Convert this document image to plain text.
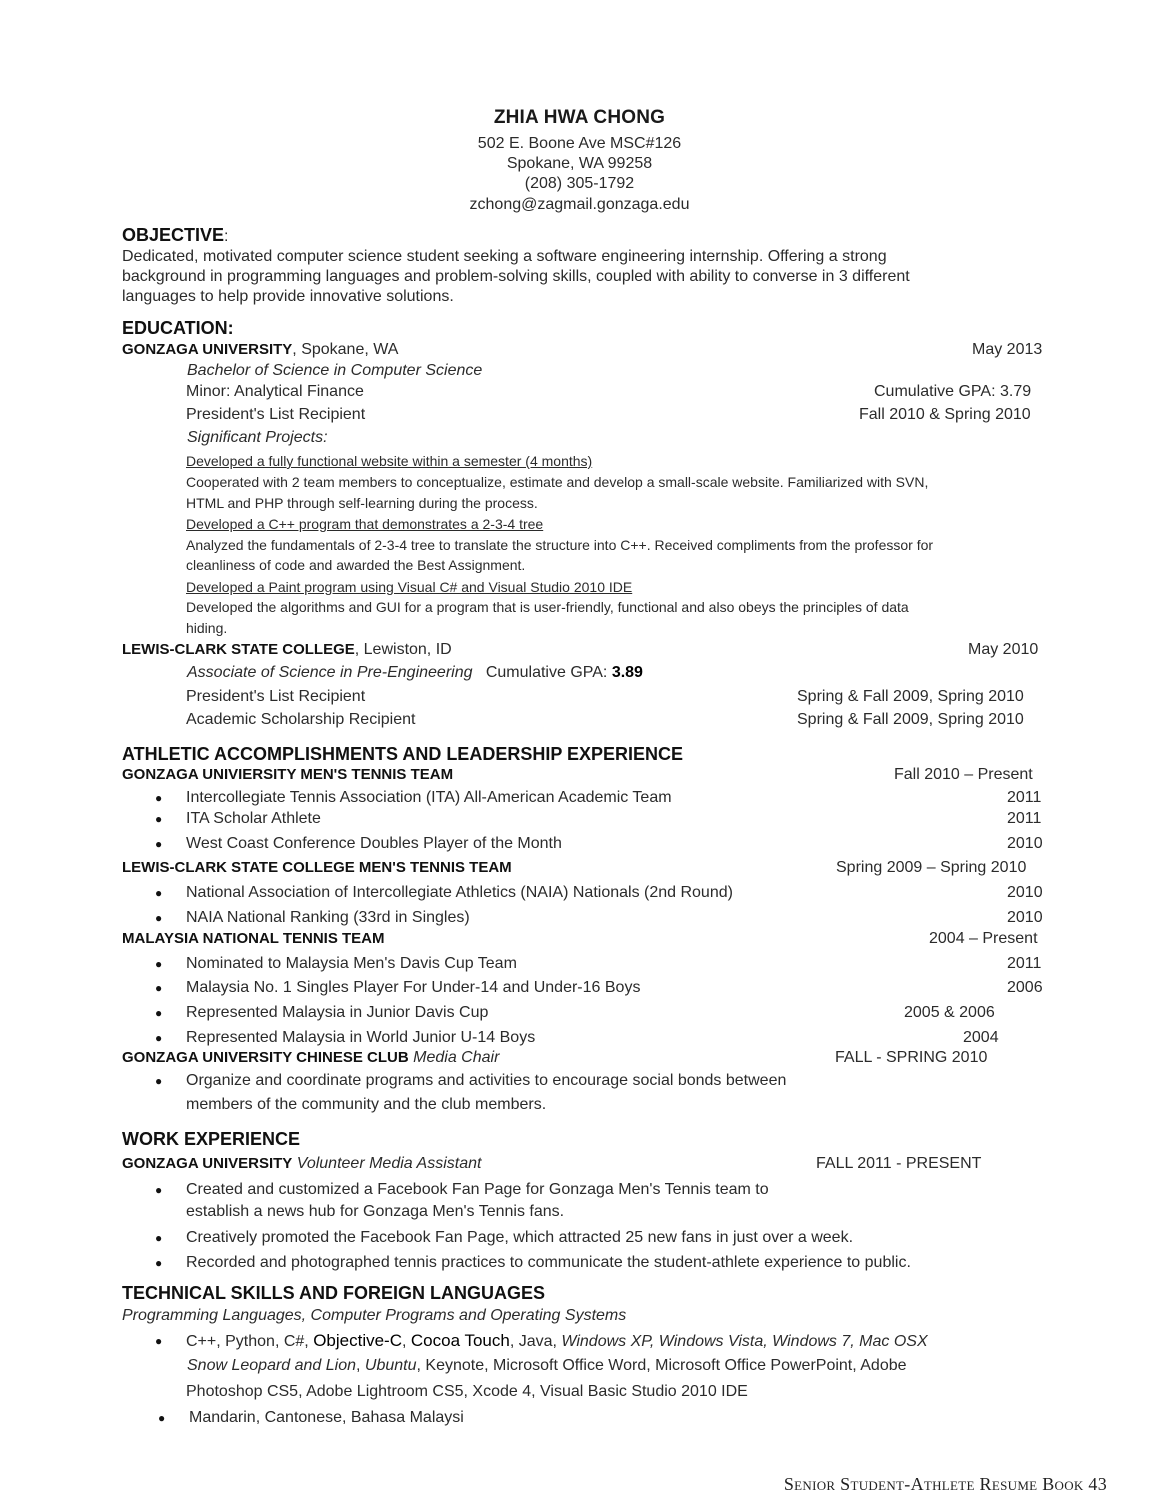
ZHIA HWA CHONG
502 E. Boone Ave MSC#126
Spokane, WA 99258
(208) 305-1792
zchong@zagmail.gonzaga.edu
OBJECTIVE:
Dedicated, motivated computer science student seeking a software engineering internship. Offering a strong
background in programming languages and problem-solving skills, coupled with ability to converse in 3 different
languages to help provide innovative solutions.
EDUCATION:
GONZAGA UNIVERSITY, Spokane, WA	May 2013
Bachelor of Science in Computer Science
Minor: Analytical Finance	Cumulative GPA: 3.79
President's List Recipient	Fall 2010 & Spring 2010
Significant Projects:
Developed a fully functional website within a semester (4 months)
Cooperated with 2 team members to conceptualize, estimate and develop a small-scale website. Familiarized with SVN,
HTML and PHP through self-learning during the process.
Developed a C++ program that demonstrates a 2-3-4 tree
Analyzed the fundamentals of 2-3-4 tree to translate the structure into C++. Received compliments from the professor for
cleanliness of code and awarded the Best Assignment.
Developed a Paint program using Visual C# and Visual Studio 2010 IDE
Developed the algorithms and GUI for a program that is user-friendly, functional and also obeys the principles of data
hiding.
LEWIS-CLARK STATE COLLEGE, Lewiston, ID	May 2010
Associate of Science in Pre-Engineering Cumulative GPA: 3.89
President's List Recipient	Spring & Fall 2009, Spring 2010
Academic Scholarship Recipient	Spring & Fall 2009, Spring 2010
ATHLETIC ACCOMPLISHMENTS AND LEADERSHIP EXPERIENCE
GONZAGA UNIVIERSITY MEN'S TENNIS TEAM	Fall 2010 – Present
● Intercollegiate Tennis Association (ITA) All-American Academic Team	2011
● ITA Scholar Athlete	2011
● West Coast Conference Doubles Player of the Month	2010
LEWIS-CLARK STATE COLLEGE MEN'S TENNIS TEAM	Spring 2009 – Spring 2010
● National Association of Intercollegiate Athletics (NAIA) Nationals (2nd Round)	2010
● NAIA National Ranking (33rd in Singles)	2010
MALAYSIA NATIONAL TENNIS TEAM	2004 – Present
● Nominated to Malaysia Men's Davis Cup Team	2011
● Malaysia No. 1 Singles Player For Under-14 and Under-16 Boys	2006
● Represented Malaysia in Junior Davis Cup	2005 & 2006
● Represented Malaysia in World Junior U-14 Boys	2004
GONZAGA UNIVERSITY CHINESE CLUB Media Chair	FALL - SPRING 2010
● Organize and coordinate programs and activities to encourage social bonds between
members of the community and the club members.
WORK EXPERIENCE
GONZAGA UNIVERSITY Volunteer Media Assistant	FALL 2011 - PRESENT
● Created and customized a Facebook Fan Page for Gonzaga Men's Tennis team to
establish a news hub for Gonzaga Men's Tennis fans.
● Creatively promoted the Facebook Fan Page, which attracted 25 new fans in just over a week.
● Recorded and photographed tennis practices to communicate the student-athlete experience to public.
TECHNICAL SKILLS AND FOREIGN LANGUAGES
Programming Languages, Computer Programs and Operating Systems
● C++, Python, C#, Objective-C, Cocoa Touch, Java, Windows XP, Windows Vista, Windows 7, Mac OSX
Snow Leopard and Lion, Ubuntu, Keynote, Microsoft Office Word, Microsoft Office PowerPoint, Adobe
Photoshop CS5, Adobe Lightroom CS5, Xcode 4, Visual Basic Studio 2010 IDE
● Mandarin, Cantonese, Bahasa Malaysi
Senior Student-Athlete Resume Book 43
